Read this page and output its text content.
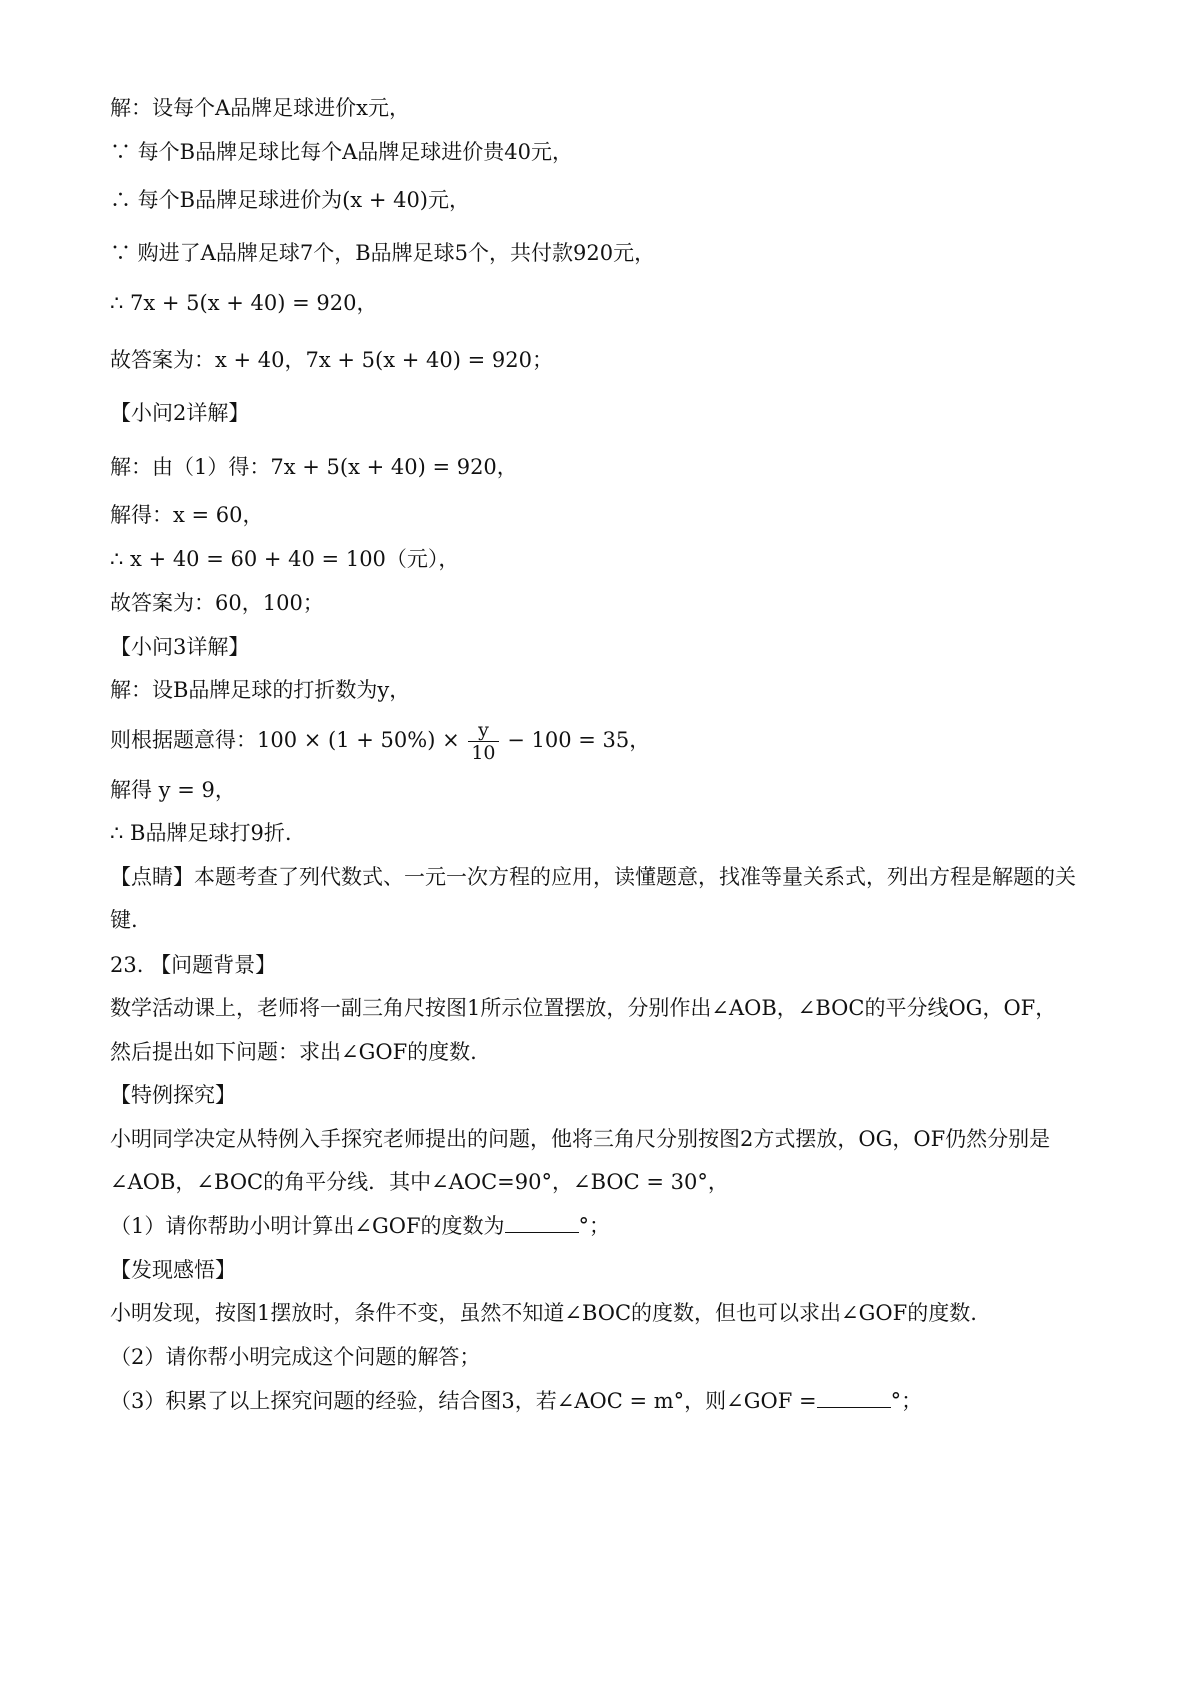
解：设每个A品牌足球进价x元，
∵ 每个B品牌足球比每个A品牌足球进价贵40元，
∴ 每个B品牌足球进价为(x + 40)元，
∵ 购进了A品牌足球7个，B品牌足球5个，共付款920元，
∴ 7x + 5(x + 40) = 920，
故答案为：x + 40，7x + 5(x + 40) = 920；
【小问2详解】
解：由（1）得：7x + 5(x + 40) = 920，
解得：x = 60，
∴ x + 40 = 60 + 40 = 100（元），
故答案为：60，100；
【小问3详解】
解：设B品牌足球的打折数为y，
则根据题意得：$100 \times (1 + 50\%) \times \frac{y}{10} - 100 = 35$，
解得 y = 9，
∴ B品牌足球打9折.
【点睛】本题考查了列代数式、一元一次方程的应用，读懂题意，找准等量关系式，列出方程是解题的关
键.
23. 【问题背景】
数学活动课上，老师将一副三角尺按图1所示位置摆放，分别作出∠AOB，∠BOC的平分线OG，OF，
然后提出如下问题：求出∠GOF的度数.
【特例探究】
小明同学决定从特例入手探究老师提出的问题，他将三角尺分别按图2方式摆放，OG，OF仍然分别是
∠AOB，∠BOC的角平分线．其中∠AOC=90°，∠BOC = 30°，
（1）请你帮助小明计算出∠GOF的度数为	°；
【发现感悟】
小明发现，按图1摆放时，条件不变，虽然不知道∠BOC的度数，但也可以求出∠GOF的度数.
（2）请你帮小明完成这个问题的解答；
（3）积累了以上探究问题的经验，结合图3，若∠AOC = m°，则∠GOF =	°；
